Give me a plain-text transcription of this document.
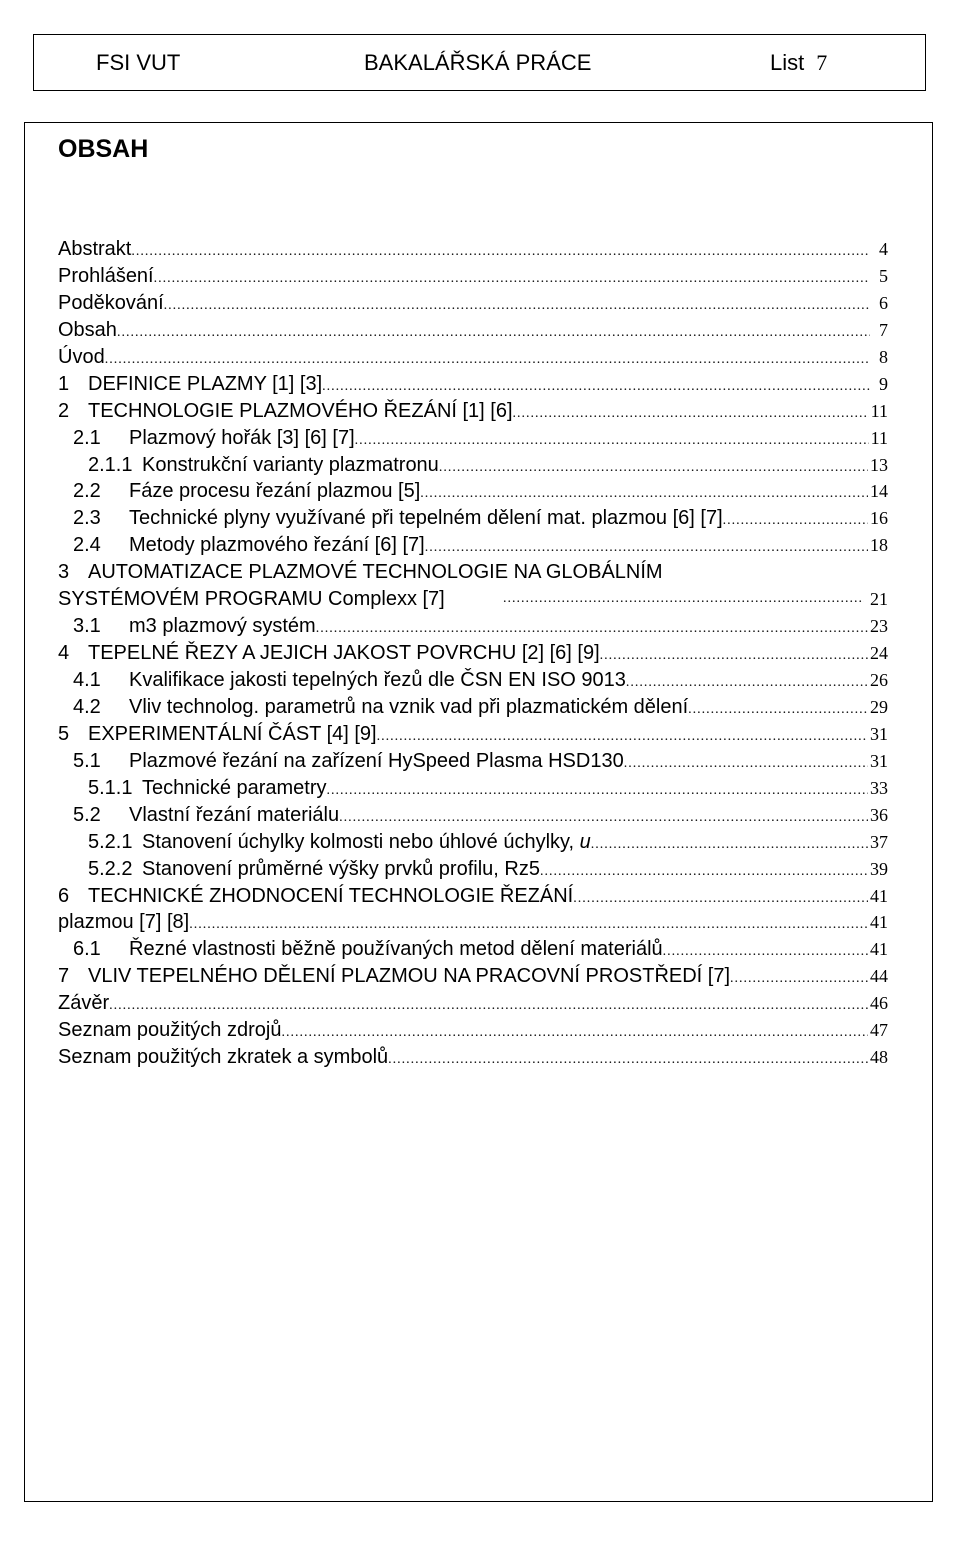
FSI VUT	BAKALÁŘSKÁ PRÁCE	List 7
OBSAH
Abstrakt .....	4
Prohlášení .....	5
Poděkování .....	6
Obsah .....	7
Úvod .....	8
1 DEFINICE PLAZMY [1] [3] .....	9
2 TECHNOLOGIE PLAZMOVÉHO ŘEZÁNÍ [1] [6] .....	11
2.1	Plazmový hořák [3] [6] [7] .....	11
2.1.1 Konstrukční varianty plazmatronu .....	13
2.2	Fáze procesu řezání plazmou [5] .....	14
2.3	Technické plyny využívané při tepelném dělení mat. plazmou [6] [7] .....	16
2.4	Metody plazmového řezání [6] [7] .....	18
3 AUTOMATIZACE PLAZMOVÉ TECHNOLOGIE NA GLOBÁLNÍM SYSTÉMOVÉM PROGRAMU Complexx [7] .....	21
3.1	m3 plazmový systém .....	23
4 TEPELNÉ ŘEZY A JEJICH JAKOST POVRCHU [2] [6] [9] .....	24
4.1	Kvalifikace jakosti tepelných řezů dle ČSN EN ISO 9013 .....	26
4.2	Vliv technolog. parametrů na vznik vad při plazmatickém dělení .....	29
5 EXPERIMENTÁLNÍ ČÁST [4] [9] .....	31
5.1	Plazmové řezání na zařízení HySpeed Plasma HSD130 .....	31
5.1.1 Technické parametry .....	33
5.2	Vlastní řezání materiálu .....	36
5.2.1 Stanovení úchylky kolmosti nebo úhlové úchylky, u .....	37
5.2.2 Stanovení průměrné výšky prvků profilu, Rz5 .....	39
6 TECHNICKÉ ZHODNOCENÍ TECHNOLOGIE ŘEZÁNÍ .....	41
plazmou [7] [8] .....	41
6.1	Řezné vlastnosti běžně používaných metod dělení materiálů .....	41
7 VLIV TEPELNÉHO DĚLENÍ PLAZMOU NA PRACOVNÍ PROSTŘEDÍ [7] .....	44
Závěr .....	46
Seznam použitých zdrojů .....	47
Seznam použitých zkratek a symbolů .....	48
